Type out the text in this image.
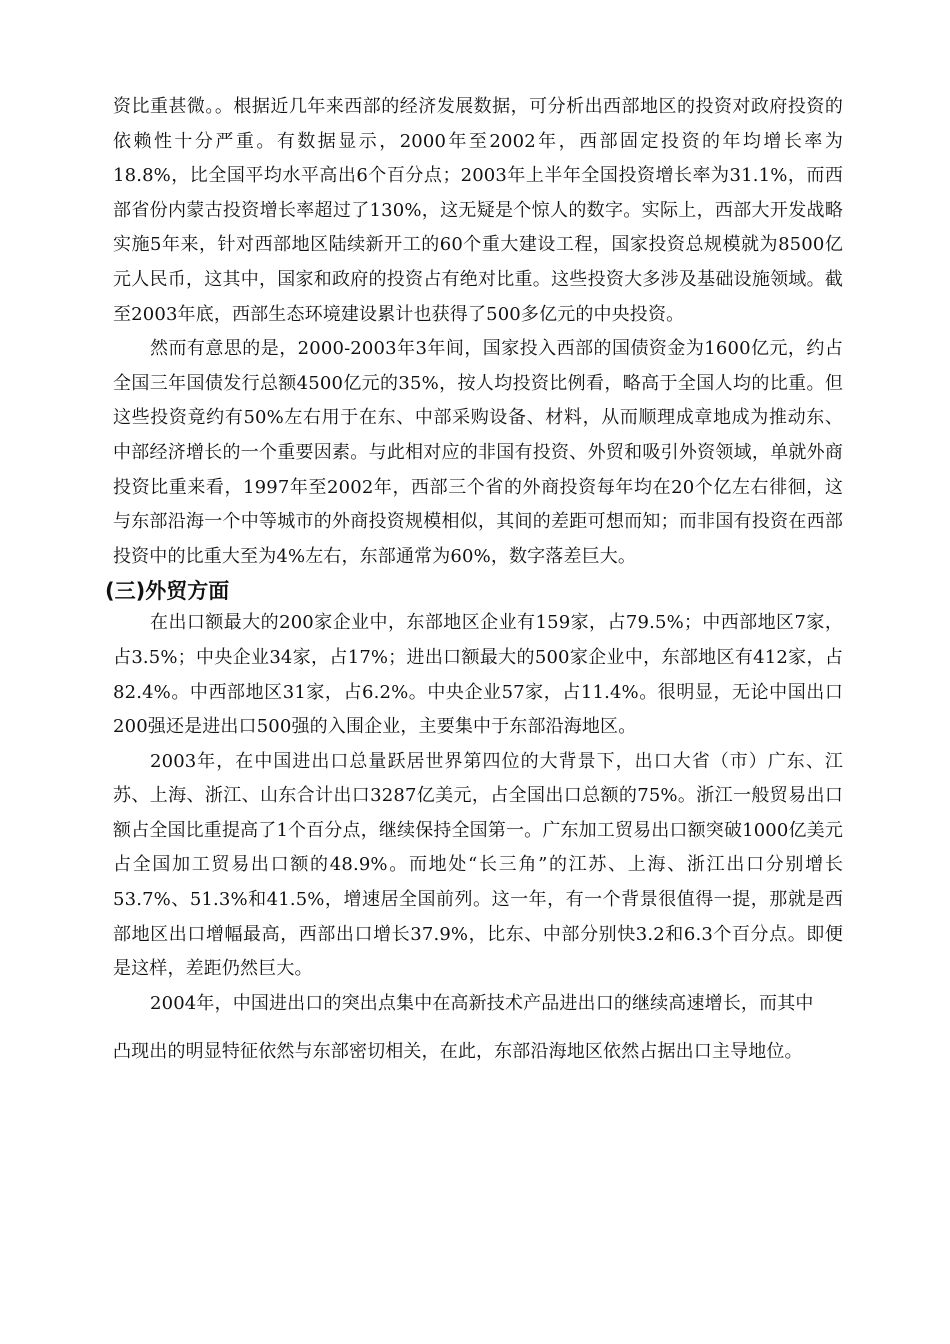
资比重甚微。。根据近几年来西部的经济发展数据，可分析出西部地区的投资对政府投资的依赖性十分严重。有数据显示，2000年至2002年，西部固定投资的年均增长率为18.8%，比全国平均水平高出6个百分点；2003年上半年全国投资增长率为31.1%，而西部省份内蒙古投资增长率超过了130%，这无疑是个惊人的数字。实际上，西部大开发战略实施5年来，针对西部地区陆续新开工的60个重大建设工程，国家投资总规模就为8500亿元人民币，这其中，国家和政府的投资占有绝对比重。这些投资大多涉及基础设施领域。截至2003年底，西部生态环境建设累计也获得了500多亿元的中央投资。

然而有意思的是，2000-2003年3年间，国家投入西部的国债资金为1600亿元，约占全国三年国债发行总额4500亿元的35%，按人均投资比例看，略高于全国人均的比重。但这些投资竟约有50%左右用于在东、中部采购设备、材料，从而顺理成章地成为推动东、中部经济增长的一个重要因素。与此相对应的非国有投资、外贸和吸引外资领域，单就外商投资比重来看，1997年至2002年，西部三个省的外商投资每年均在20个亿左右徘徊，这与东部沿海一个中等城市的外商投资规模相似，其间的差距可想而知；而非国有投资在西部投资中的比重大至为4%左右，东部通常为60%，数字落差巨大。

(三)外贸方面

在出口额最大的200家企业中，东部地区企业有159家，占79.5%；中西部地区7家，占3.5%；中央企业34家，占17%；进出口额最大的500家企业中，东部地区有412家，占82.4%。中西部地区31家，占6.2%。中央企业57家，占11.4%。很明显，无论中国出口200强还是进出口500强的入围企业，主要集中于东部沿海地区。

2003年，在中国进出口总量跃居世界第四位的大背景下，出口大省（市）广东、江苏、上海、浙江、山东合计出口3287亿美元，占全国出口总额的75%。浙江一般贸易出口额占全国比重提高了1个百分点，继续保持全国第一。广东加工贸易出口额突破1000亿美元占全国加工贸易出口额的48.9%。而地处“长三角”的江苏、上海、浙江出口分别增长53.7%、51.3%和41.5%，增速居全国前列。这一年，有一个背景很值得一提，那就是西部地区出口增幅最高，西部出口增长37.9%，比东、中部分别快3.2和6.3个百分点。即便是这样，差距仍然巨大。

2004年，中国进出口的突出点集中在高新技术产品进出口的继续高速增长，而其中

凸现出的明显特征依然与东部密切相关，在此，东部沿海地区依然占据出口主导地位。
